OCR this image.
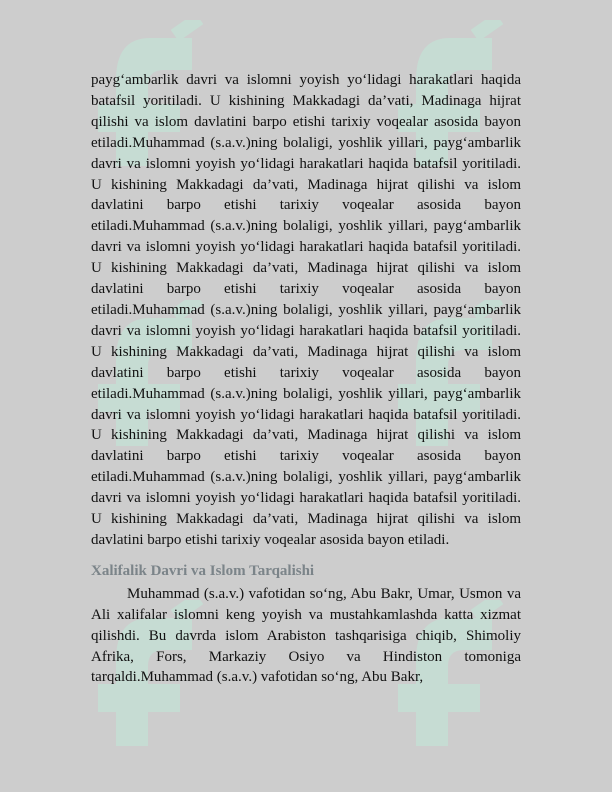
payg‘ambarlik davri va islomni yoyish yo‘lidagi harakatlari haqida batafsil yoritiladi. U kishining Makkadagi da’vati, Madinaga hijrat qilishi va islom davlatini barpo etishi tarixiy voqealar asosida bayon etiladi.Muhammad (s.a.v.)ning bolaligi, yoshlik yillari, payg‘ambarlik davri va islomni yoyish yo‘lidagi harakatlari haqida batafsil yoritiladi. U kishining Makkadagi da’vati, Madinaga hijrat qilishi va islom davlatini barpo etishi tarixiy voqealar asosida bayon etiladi.Muhammad (s.a.v.)ning bolaligi, yoshlik yillari, payg‘ambarlik davri va islomni yoyish yo‘lidagi harakatlari haqida batafsil yoritiladi. U kishining Makkadagi da’vati, Madinaga hijrat qilishi va islom davlatini barpo etishi tarixiy voqealar asosida bayon etiladi.Muhammad (s.a.v.)ning bolaligi, yoshlik yillari, payg‘ambarlik davri va islomni yoyish yo‘lidagi harakatlari haqida batafsil yoritiladi. U kishining Makkadagi da’vati, Madinaga hijrat qilishi va islom davlatini barpo etishi tarixiy voqealar asosida bayon etiladi.Muhammad (s.a.v.)ning bolaligi, yoshlik yillari, payg‘ambarlik davri va islomni yoyish yo‘lidagi harakatlari haqida batafsil yoritiladi. U kishining Makkadagi da’vati, Madinaga hijrat qilishi va islom davlatini barpo etishi tarixiy voqealar asosida bayon etiladi.Muhammad (s.a.v.)ning bolaligi, yoshlik yillari, payg‘ambarlik davri va islomni yoyish yo‘lidagi harakatlari haqida batafsil yoritiladi. U kishining Makkadagi da’vati, Madinaga hijrat qilishi va islom davlatini barpo etishi tarixiy voqealar asosida bayon etiladi.

Xalifalik Davri va Islom Tarqalishi

Muhammad (s.a.v.) vafotidan so‘ng, Abu Bakr, Umar, Usmon va Ali xalifalar islomni keng yoyish va mustahkamlashda katta xizmat qilishdi. Bu davrda islom Arabiston tashqarisiga chiqib, Shimoliy Afrika, Fors, Markaziy Osiyo va Hindiston tomoniga tarqaldi.Muhammad (s.a.v.) vafotidan so‘ng, Abu Bakr,
